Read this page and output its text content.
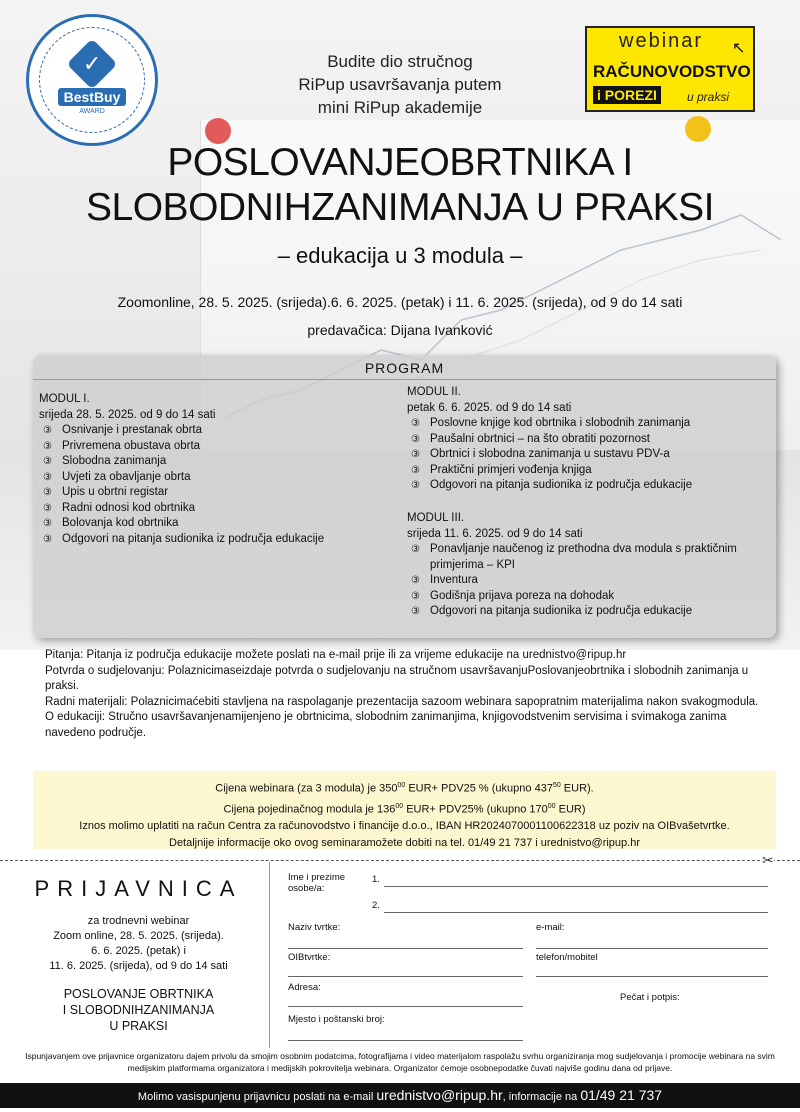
✓
BestBuy
AWARD
webinar ↖
RAČUNOVODSTVO
i POREZI	u praksi
Budite dio stručnog
RiPup usavršavanja putem
mini RiPup akademije
POSLOVANJEOBRTNIKA I
SLOBODNIHZANIMANJA U PRAKSI
– edukacija u 3 modula –
Zoomonline, 28. 5. 2025. (srijeda).6. 6. 2025. (petak) i 11. 6. 2025. (srijeda), od 9 do 14 sati
predavačica: Dijana Ivanković
PROGRAM
MODUL I.
srijeda 28. 5. 2025. od 9 do 14 sati
③ Osnivanje i prestanak obrta
③ Privremena obustava obrta
③ Slobodna zanimanja
③ Uvjeti za obavljanje obrta
③ Upis u obrtni registar
③ Radni odnosi kod obrtnika
③ Bolovanja kod obrtnika
③ Odgovori na pitanja sudionika iz područja edukacije
MODUL II.
petak 6. 6. 2025. od 9 do 14 sati
③ Poslovne knjige kod obrtnika i slobodnih zanimanja
③ Paušalni obrtnici – na što obratiti pozornost
③ Obrtnici i slobodna zanimanja u sustavu PDV-a
③ Praktični primjeri vođenja knjiga
③ Odgovori na pitanja sudionika iz područja edukacije
MODUL III.
srijeda 11. 6. 2025. od 9 do 14 sati
③ Ponavljanje naučenog iz prethodna dva modula s praktičnim primjerima – KPI
③ Inventura
③ Godišnja prijava poreza na dohodak
③ Odgovori na pitanja sudionika iz područja edukacije
Pitanja: Pitanja iz područja edukacije možete poslati na e-mail prije ili za vrijeme edukacije na urednistvo@ripup.hr
Potvrda o sudjelovanju: Polaznicimaseizdaje potvrda o sudjelovanju na stručnom usavršavanjuPoslovanjeobrtnika i slobodnih zanimanja u praksi.
Radni materijali: Polaznicimaćebiti stavljena na raspolaganje prezentacija sazoom webinara sapopratnim materijalima nakon svakogmodula.
O edukaciji: Stručno usavršavanjenamijenjeno je obrtnicima, slobodnim zanimanjima, knjigovodstvenim servisima i svimakoga zanima navedeno područje.
Cijena webinara (za 3 modula) je $350^{00}$ EUR+ PDV25 % (ukupno $437^{50}$ EUR).
Cijena pojedinačnog modula je $136^{00}$ EUR+ PDV25% (ukupno $170^{00}$ EUR)
Iznos molimo uplatiti na račun Centra za računovodstvo i financije d.o.o., IBAN HR2024070001100622318 uz poziv na OIBvašetvrtke.
Detaljnije informacije oko ovog seminaramožete dobiti na tel. 01/49 21 737 i urednistvo@ripup.hr
✂
PRIJAVNICA
za trodnevni webinar
Zoom online, 28. 5. 2025. (srijeda).
6. 6. 2025. (petak) i
11. 6. 2025. (srijeda), od 9 do 14 sati
POSLOVANJE OBRTNIKA
I SLOBODNIHZANIMANJA
U PRAKSI
Ime i prezime osobe/a:
1.
2.
Naziv tvrtke:	e-mail:
OIBtvrtke:	telefon/mobitel
Adresa:
Pečat i potpis:
Mjesto i poštanski broj:
Ispunjavanjem ove prijavnice organizatoru dajem privolu da smojim osobnim podatcima, fotografijama i video materijalom raspolažu svrhu organiziranja mog sudjelovanja i promocije webinara na svim medijskim platformama organizatora i medijskih pokrovitelja webinara. Organizator ćemoje osobnepodatke čuvati najviše godinu dana od prijave.
Molimo vasispunjenu prijavnicu poslati na e-mail urednistvo@ripup.hr, informacije na 01/49 21 737
